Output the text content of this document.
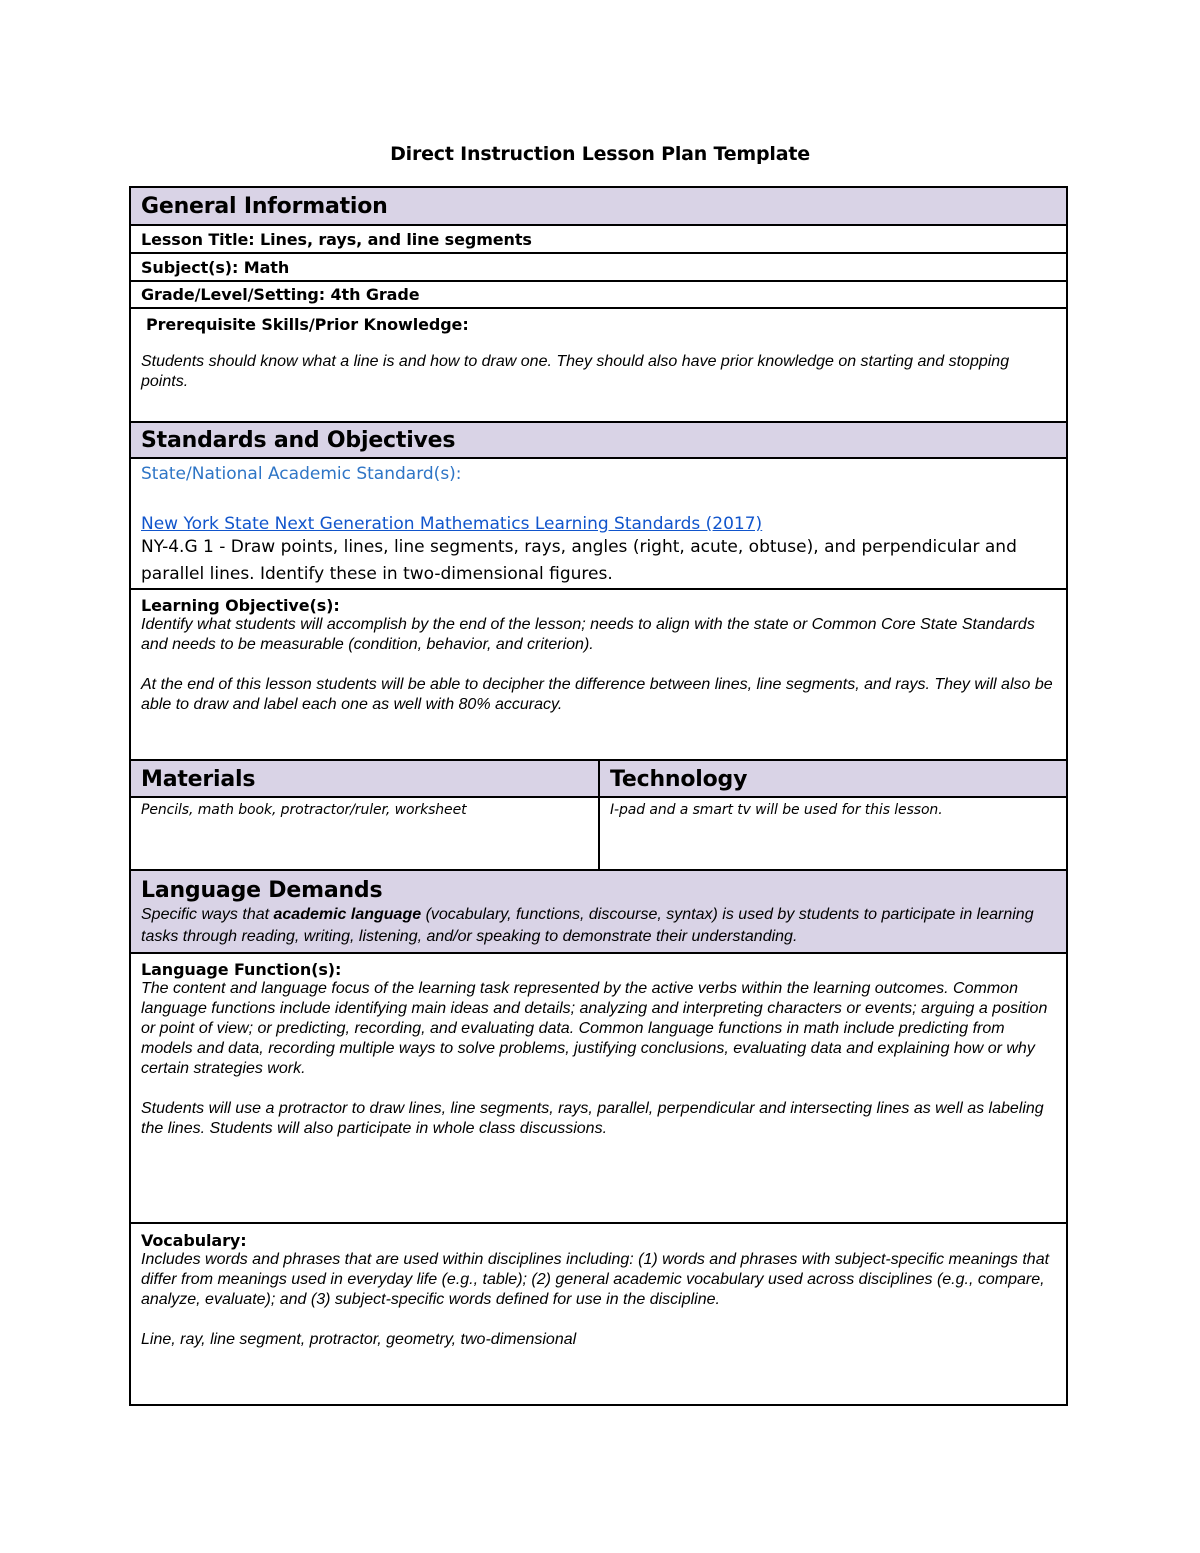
Direct Instruction Lesson Plan Template
General Information
Lesson Title: Lines, rays, and line segments
Subject(s): Math
Grade/Level/Setting: 4th Grade
Prerequisite Skills/Prior Knowledge:

Students should know what a line is and how to draw one. They should also have prior knowledge on starting and stopping points.

Standards and Objectives
State/National Academic Standard(s):
New York State Next Generation Mathematics Learning Standards (2017)

NY-4.G 1 - Draw points, lines, line segments, rays, angles (right, acute, obtuse), and perpendicular and parallel lines. Identify these in two-dimensional figures.

Learning Objective(s):

Identify what students will accomplish by the end of the lesson; needs to align with the state or Common Core State Standards and needs to be measurable (condition, behavior, and criterion).

At the end of this lesson students will be able to decipher the difference between lines, line segments, and rays. They will also be able to draw and label each one as well with 80% accuracy.

Materials	Technology
Pencils, math book, protractor/ruler, worksheet	I-pad and a smart tv will be used for this lesson.
Language Demands

Specific ways that academic language (vocabulary, functions, discourse, syntax) is used by students to participate in learning tasks through reading, writing, listening, and/or speaking to demonstrate their understanding.

Language Function(s):

The content and language focus of the learning task represented by the active verbs within the learning outcomes. Common language functions include identifying main ideas and details; analyzing and interpreting characters or events; arguing a position or point of view; or predicting, recording, and evaluating data. Common language functions in math include predicting from models and data, recording multiple ways to solve problems, justifying conclusions, evaluating data and explaining how or why certain strategies work.

Students will use a protractor to draw lines, line segments, rays, parallel, perpendicular and intersecting lines as well as labeling the lines. Students will also participate in whole class discussions.

Vocabulary:

Includes words and phrases that are used within disciplines including: (1) words and phrases with subject-specific meanings that differ from meanings used in everyday life (e.g., table); (2) general academic vocabulary used across disciplines (e.g., compare, analyze, evaluate); and (3) subject-specific words defined for use in the discipline.

Line, ray, line segment, protractor, geometry, two-dimensional
